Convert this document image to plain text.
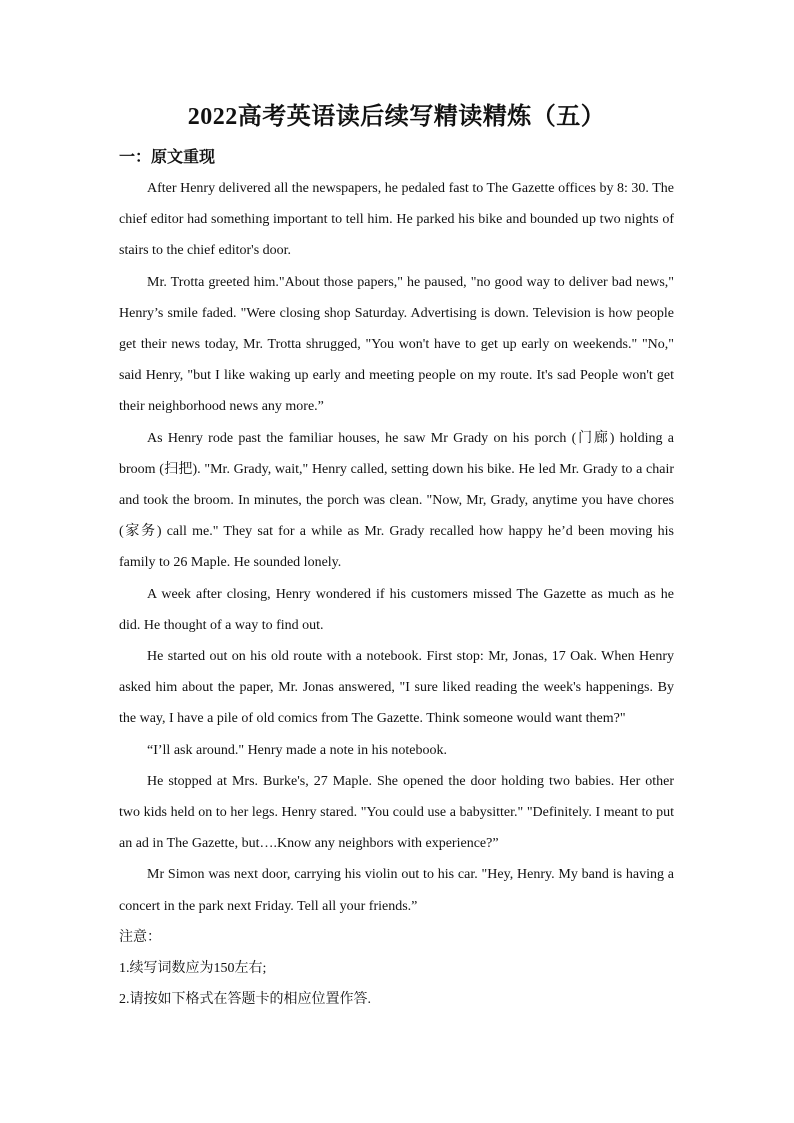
2022高考英语读后续写精读精炼（五）
一：原文重现

After Henry delivered all the newspapers, he pedaled fast to The Gazette offices by 8: 30. The chief editor had something important to tell him. He parked his bike and bounded up two nights of stairs to the chief editor's door.

Mr. Trotta greeted him."About those papers," he paused, "no good way to deliver bad news," Henry’s smile faded. "Were closing shop Saturday. Advertising is down. Television is how people get their news today, Mr. Trotta shrugged, "You won't have to get up early on weekends." "No," said Henry, "but I like waking up early and meeting people on my route. It's sad People won't get their neighborhood news any more.”

As Henry rode past the familiar houses, he saw Mr Grady on his porch (门廊) holding a broom (扫把). "Mr. Grady, wait," Henry called, setting down his bike. He led Mr. Grady to a chair and took the broom. In minutes, the porch was clean. "Now, Mr, Grady, anytime you have chores (家务) call me." They sat for a while as Mr. Grady recalled how happy he’d been moving his family to 26 Maple. He sounded lonely.

A week after closing, Henry wondered if his customers missed The Gazette as much as he did. He thought of a way to find out.

He started out on his old route with a notebook. First stop: Mr, Jonas, 17 Oak. When Henry asked him about the paper, Mr. Jonas answered, "I sure liked reading the week's happenings. By the way, I have a pile of old comics from The Gazette. Think someone would want them?"

“I’ll ask around." Henry made a note in his notebook.

He stopped at Mrs. Burke's, 27 Maple. She opened the door holding two babies. Her other two kids held on to her legs. Henry stared. "You could use a babysitter." "Definitely. I meant to put an ad in The Gazette, but….Know any neighbors with experience?”

Mr Simon was next door, carrying his violin out to his car. "Hey, Henry. My band is having a concert in the park next Friday. Tell all your friends.”

注意：

1.续写词数应为150左右;

2.请按如下格式在答题卡的相应位置作答.
